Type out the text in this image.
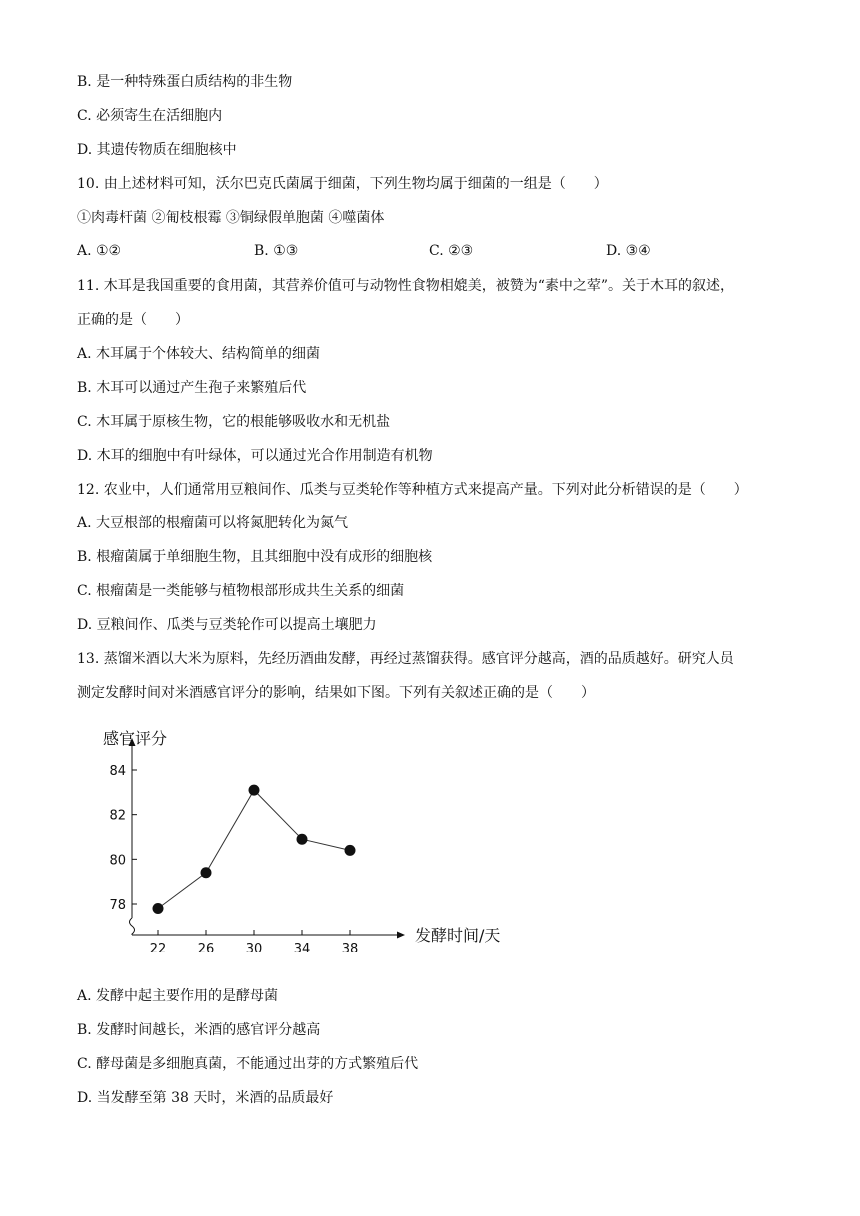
B. 是一种特殊蛋白质结构的非生物
C. 必须寄生在活细胞内
D. 其遗传物质在细胞核中
10. 由上述材料可知，沃尔巴克氏菌属于细菌，下列生物均属于细菌的一组是（　　）
①肉毒杆菌 ②匍枝根霉 ③铜绿假单胞菌 ④噬菌体
A. ①②	B. ①③	C. ②③	D. ③④
11. 木耳是我国重要的食用菌，其营养价值可与动物性食物相媲美，被赞为“素中之荤”。关于木耳的叙述，
正确的是（　　）
A. 木耳属于个体较大、结构简单的细菌
B. 木耳可以通过产生孢子来繁殖后代
C. 木耳属于原核生物，它的根能够吸收水和无机盐
D. 木耳的细胞中有叶绿体，可以通过光合作用制造有机物
12. 农业中，人们通常用豆粮间作、瓜类与豆类轮作等种植方式来提高产量。下列对此分析错误的是（　　）
A. 大豆根部的根瘤菌可以将氮肥转化为氮气
B. 根瘤菌属于单细胞生物，且其细胞中没有成形的细胞核
C. 根瘤菌是一类能够与植物根部形成共生关系的细菌
D. 豆粮间作、瓜类与豆类轮作可以提高土壤肥力
13. 蒸馏米酒以大米为原料，先经历酒曲发酵，再经过蒸馏获得。感官评分越高，酒的品质越好。研究人员
测定发酵时间对米酒感官评分的影响，结果如下图。下列有关叙述正确的是（　　）
78
80
82
84
22 26 30 34 38
感官评分
发酵时间/天
A. 发酵中起主要作用的是酵母菌
B. 发酵时间越长，米酒的感官评分越高
C. 酵母菌是多细胞真菌，不能通过出芽的方式繁殖后代
D. 当发酵至第 38 天时，米酒的品质最好
